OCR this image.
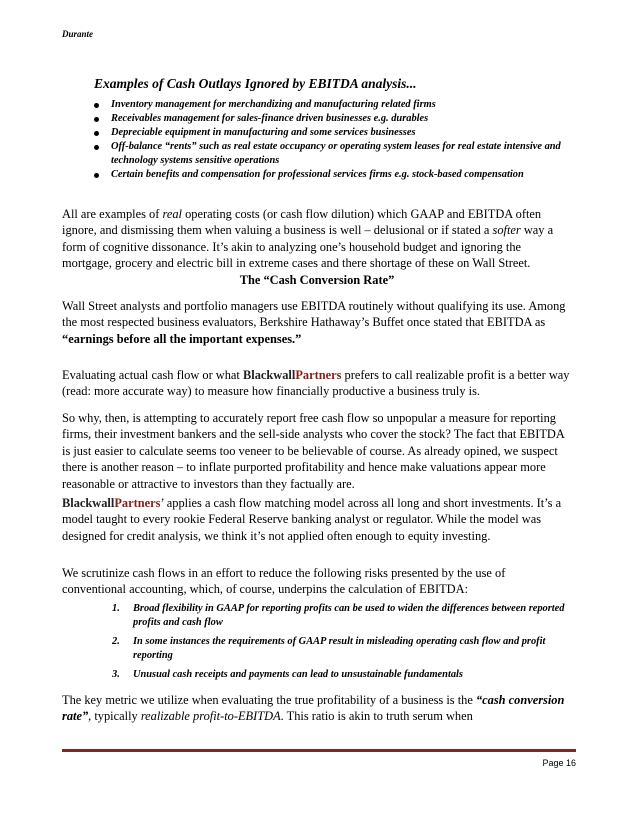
Durante
Examples of Cash Outlays Ignored by EBITDA analysis...
Inventory management for merchandizing and manufacturing related firms
Receivables management for sales-finance driven businesses e.g. durables
Depreciable equipment in manufacturing and some services businesses
Off-balance “rents” such as real estate occupancy or operating system leases for real estate intensive and technology systems sensitive operations
Certain benefits and compensation for professional services firms e.g. stock-based compensation

All are examples of real operating costs (or cash flow dilution) which GAAP and EBITDA often ignore, and dismissing them when valuing a business is well – delusional or if stated a softer way a form of cognitive dissonance. It’s akin to analyzing one’s household budget and ignoring the mortgage, grocery and electric bill in extreme cases and there shortage of these on Wall Street.

The “Cash Conversion Rate”

Wall Street analysts and portfolio managers use EBITDA routinely without qualifying its use. Among the most respected business evaluators, Berkshire Hathaway’s Buffet once stated that EBITDA as “earnings before all the important expenses.”

Evaluating actual cash flow or what BlackwallPartners prefers to call realizable profit is a better way (read: more accurate way) to measure how financially productive a business truly is.

So why, then, is attempting to accurately report free cash flow so unpopular a measure for reporting firms, their investment bankers and the sell-side analysts who cover the stock? The fact that EBITDA is just easier to calculate seems too veneer to be believable of course. As already opined, we suspect there is another reason – to inflate purported profitability and hence make valuations appear more reasonable or attractive to investors than they factually are.

BlackwallPartners’ applies a cash flow matching model across all long and short investments. It’s a model taught to every rookie Federal Reserve banking analyst or regulator. While the model was designed for credit analysis, we think it’s not applied often enough to equity investing.

We scrutinize cash flows in an effort to reduce the following risks presented by the use of conventional accounting, which, of course, underpins the calculation of EBITDA:

1. Broad flexibility in GAAP for reporting profits can be used to widen the differences between reported profits and cash flow
2. In some instances the requirements of GAAP result in misleading operating cash flow and profit reporting
3. Unusual cash receipts and payments can lead to unsustainable fundamentals

The key metric we utilize when evaluating the true profitability of a business is the “cash conversion rate”, typically realizable profit-to-EBITDA. This ratio is akin to truth serum when

Page 16
